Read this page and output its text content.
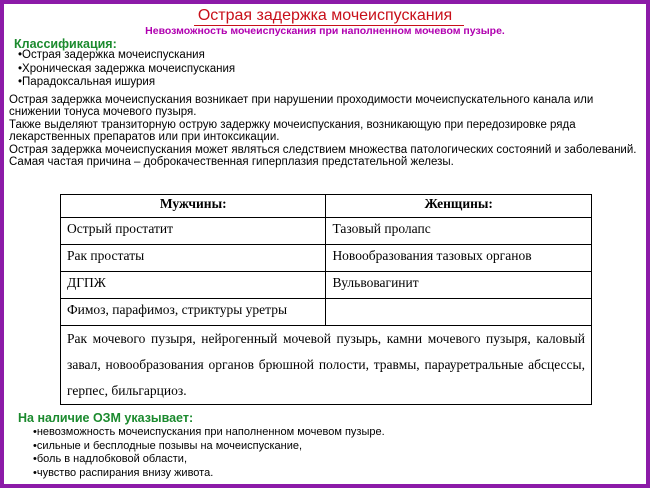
Острая задержка мочеиспускания
Невозможность мочеиспускания при наполненном мочевом пузыре.
Классификация:
•Острая задержка мочеиспускания
•Хроническая задержка мочеиспускания
•Парадоксальная ишурия

Острая задержка мочеиспускания возникает при нарушении проходимости мочеиспускательного канала или снижении тонуса мочевого пузыря.

Также выделяют транзиторную острую задержку мочеиспускания, возникающую при передозировке ряда лекарственных препаратов или при интоксикации.

Острая задержка мочеиспускания может являться следствием множества патологических состояний и заболеваний.

Самая частая причина – доброкачественная гиперплазия предстательной железы.

Мужчины:	Женщины:
Острый простатит	Тазовый пролапс
Рак простаты	Новообразования тазовых органов
ДГПЖ	Вульвовагинит
Фимоз, парафимоз, стриктуры уретры	
Рак мочевого пузыря, нейрогенный мочевой пузырь, камни мочевого пузыря, каловый завал, новообразования органов брюшной полости, травмы, парауретральные абсцессы, герпес, бильгарциоз.	
На наличие ОЗМ указывает:
•невозможность мочеиспускания при наполненном мочевом пузыре.
•сильные и бесплодные позывы на мочеиспускание,
•боль в надлобковой области,
•чувство распирания внизу живота.
